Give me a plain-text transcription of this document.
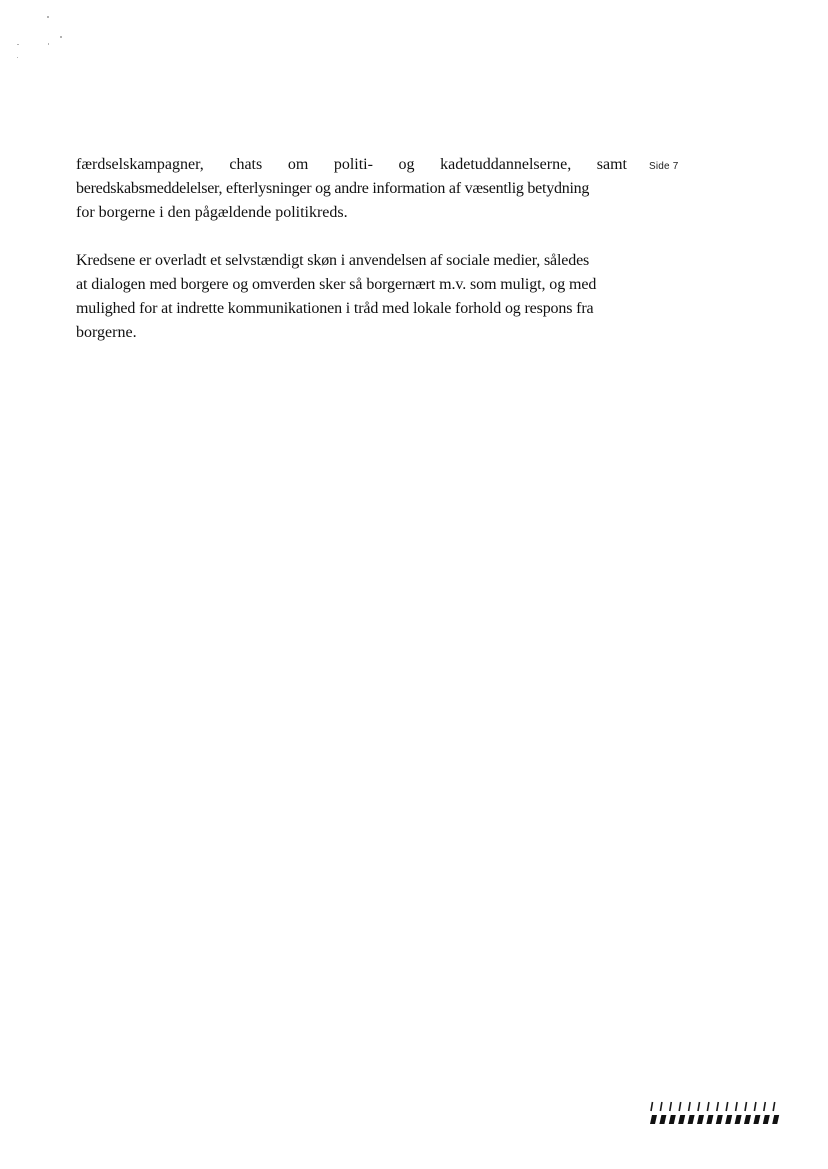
færdselskampagner, chats om politi- og kadetuddannelserne, samt
beredskabsmeddelelser, efterlysninger og andre information af væsentlig betydning
for borgerne i den pågældende politikreds.

Kredsene er overladt et selvstændigt skøn i anvendelsen af sociale medier, således
at dialogen med borgere og omverden sker så borgernært m.v. som muligt, og med
mulighed for at indrette kommunikationen i tråd med lokale forhold og respons fra
borgerne.

Side 7
